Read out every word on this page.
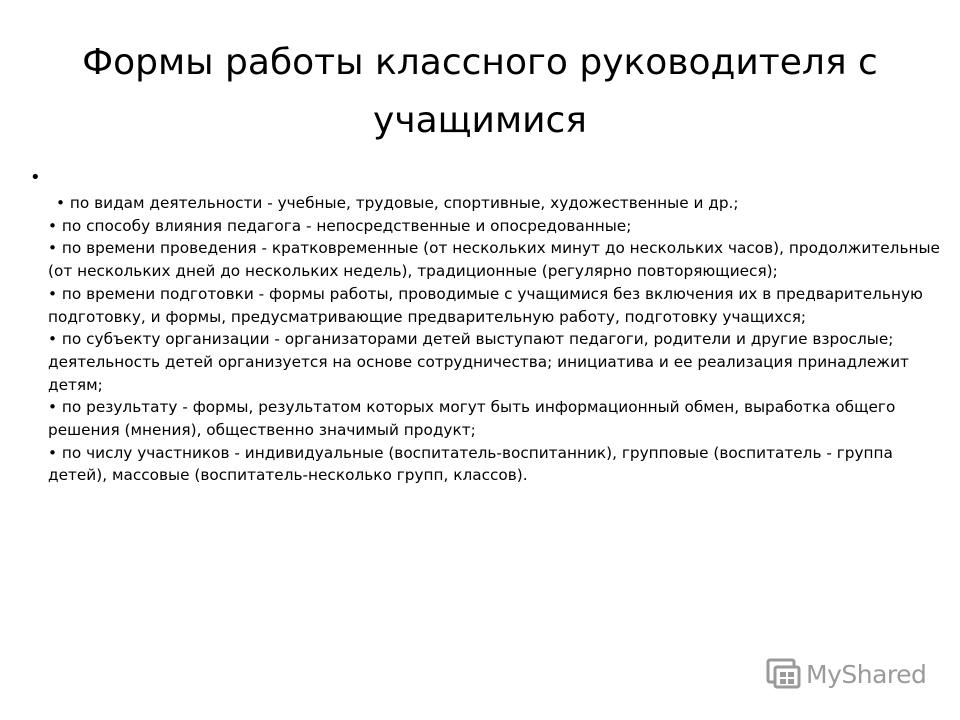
Формы работы классного руководителя с учащимися
•
• по видам деятельности - учебные, трудовые, спортивные, художественные и др.;
• по способу влияния педагога - непосредственные и опосредованные;
• по времени проведения - кратковременные (от нескольких минут до нескольких часов), продолжительные (от нескольких дней до нескольких недель), традиционные (регулярно повторяющиеся);
• по времени подготовки - формы работы, проводимые с учащимися без включения их в предварительную подготовку, и формы, предусматривающие предварительную работу, подготовку учащихся;
• по субъекту организации - организаторами детей выступают педагоги, родители и другие взрослые; деятельность детей организуется на основе сотрудничества; инициатива и ее реализация принадлежит детям;
• по результату - формы, результатом которых могут быть информационный обмен, выработка общего решения (мнения), общественно значимый продукт;
• по числу участников - индивидуальные (воспитатель-воспитанник), групповые (воспитатель - группа детей), массовые (воспитатель-несколько групп, классов).
MyShared
